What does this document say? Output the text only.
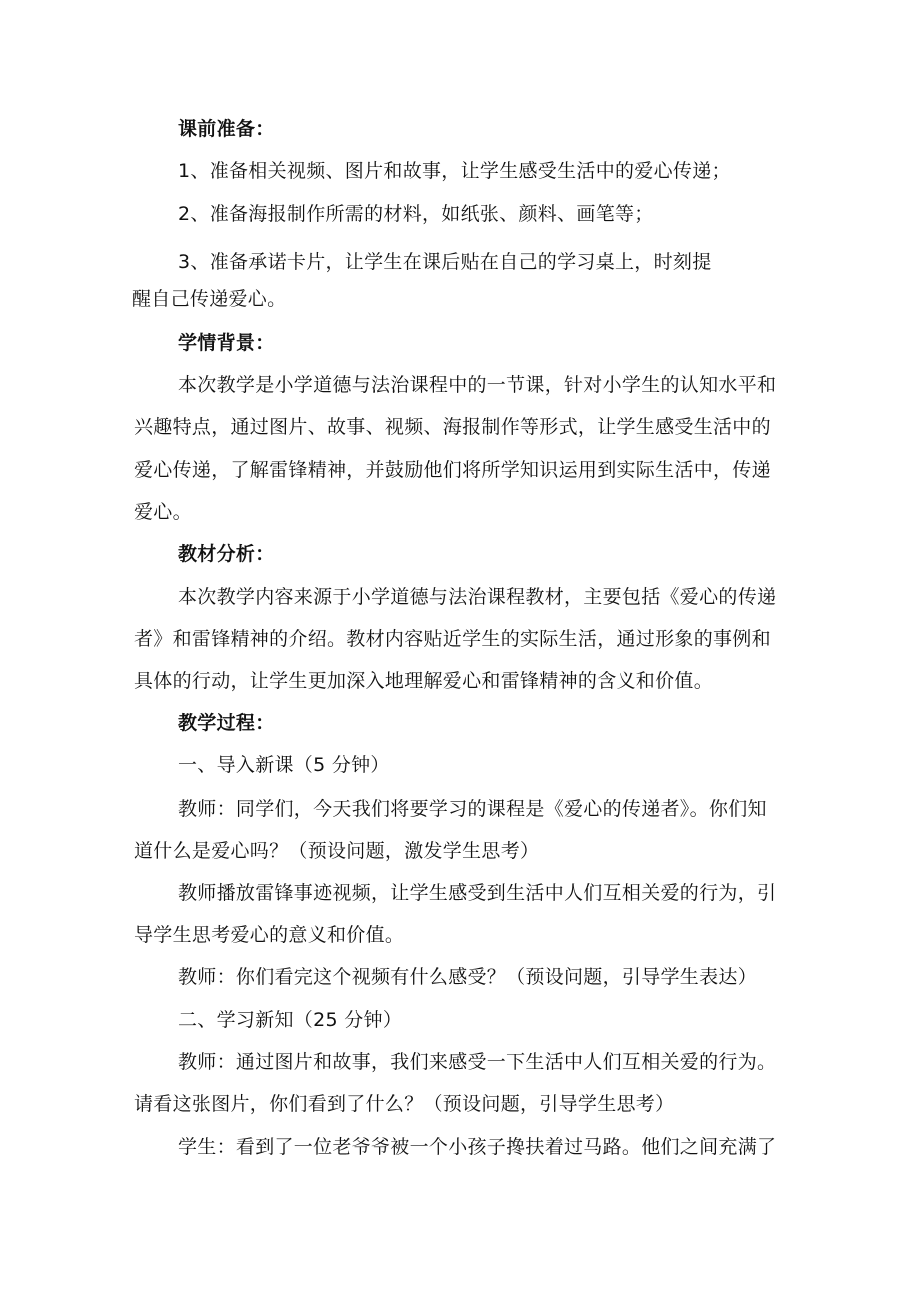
课前准备：
1、准备相关视频、图片和故事，让学生感受生活中的爱心传递；
2、准备海报制作所需的材料，如纸张、颜料、画笔等；
3、准备承诺卡片，让学生在课后贴在自己的学习桌上，时刻提
醒自己传递爱心。
学情背景：
本次教学是小学道德与法治课程中的一节课，针对小学生的认知水平和
兴趣特点，通过图片、故事、视频、海报制作等形式，让学生感受生活中的
爱心传递，了解雷锋精神，并鼓励他们将所学知识运用到实际生活中，传递
爱心。
教材分析：
本次教学内容来源于小学道德与法治课程教材，主要包括《爱心的传递
者》和雷锋精神的介绍。教材内容贴近学生的实际生活，通过形象的事例和
具体的行动，让学生更加深入地理解爱心和雷锋精神的含义和价值。
教学过程：
一、导入新课（5 分钟）
教师：同学们，今天我们将要学习的课程是《爱心的传递者》。你们知
道什么是爱心吗？（预设问题，激发学生思考）
教师播放雷锋事迹视频，让学生感受到生活中人们互相关爱的行为，引
导学生思考爱心的意义和价值。
教师：你们看完这个视频有什么感受？（预设问题，引导学生表达）
二、学习新知（25 分钟）
教师：通过图片和故事，我们来感受一下生活中人们互相关爱的行为。
请看这张图片，你们看到了什么？（预设问题，引导学生思考）
学生：看到了一位老爷爷被一个小孩子搀扶着过马路。他们之间充满了
